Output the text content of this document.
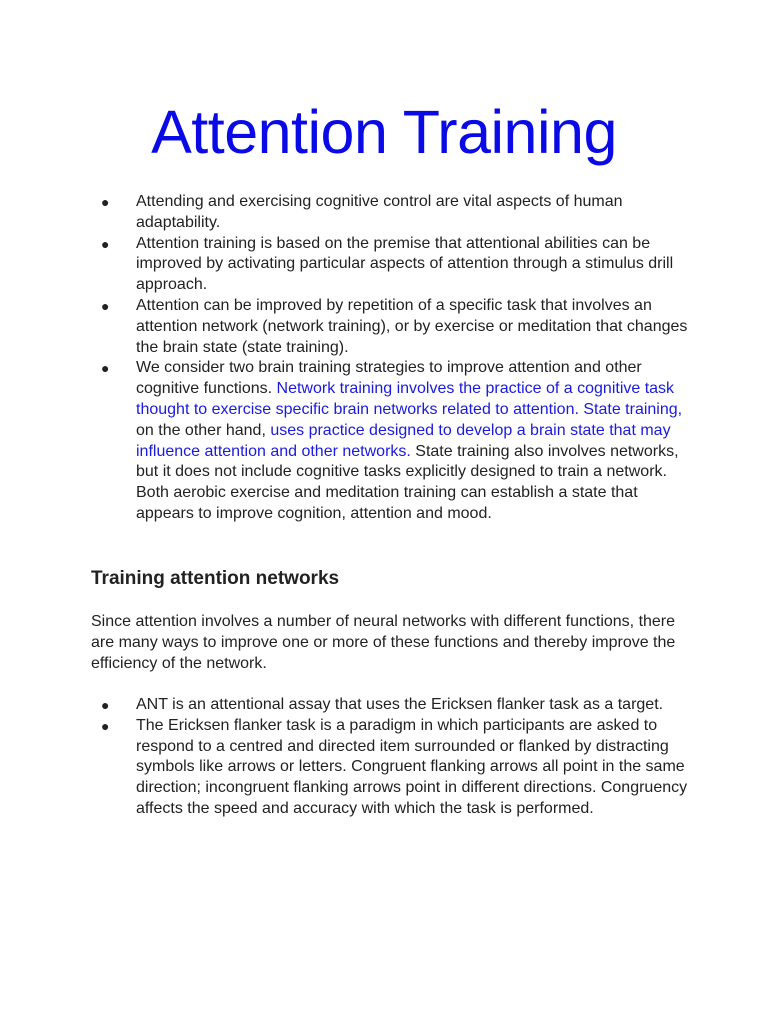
Attention Training
● Attending and exercising cognitive control are vital aspects of human adaptability.
● Attention training is based on the premise that attentional abilities can be improved by activating particular aspects of attention through a stimulus drill approach.
● Attention can be improved by repetition of a specific task that involves an attention network (network training), or by exercise or meditation that changes the brain state (state training).
● We consider two brain training strategies to improve attention and other cognitive functions. Network training involves the practice of a cognitive task thought to exercise specific brain networks related to attention. State training, on the other hand, uses practice designed to develop a brain state that may influence attention and other networks. State training also involves networks, but it does not include cognitive tasks explicitly designed to train a network. Both aerobic exercise and meditation training can establish a state that appears to improve cognition, attention and mood.
Training attention networks

Since attention involves a number of neural networks with different functions, there are many ways to improve one or more of these functions and thereby improve the efficiency of the network.

● ANT is an attentional assay that uses the Ericksen flanker task as a target.
● The Ericksen flanker task is a paradigm in which participants are asked to respond to a centred and directed item surrounded or flanked by distracting symbols like arrows or letters. Congruent flanking arrows all point in the same direction; incongruent flanking arrows point in different directions. Congruency affects the speed and accuracy with which the task is performed.
